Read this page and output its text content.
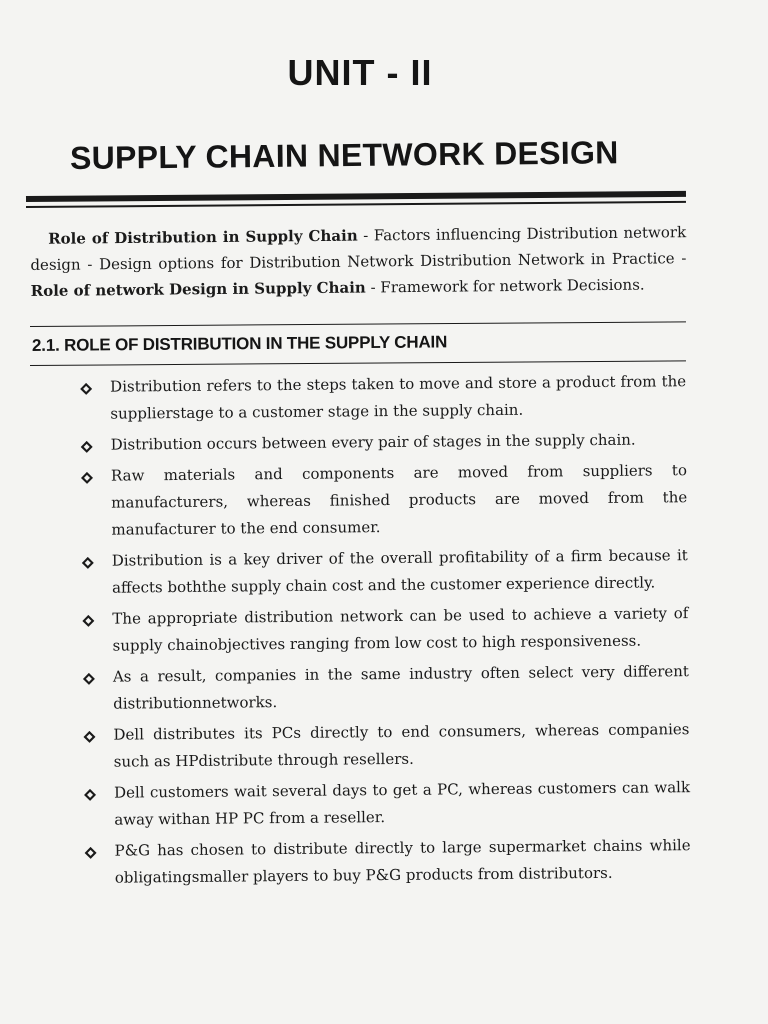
UNIT - II
SUPPLY CHAIN NETWORK DESIGN
Role of Distribution in Supply Chain - Factors influencing Distribution network design - Design options for Distribution Network Distribution Network in Practice - Role of network Design in Supply Chain - Framework for network Decisions.
2.1. ROLE OF DISTRIBUTION IN THE SUPPLY CHAIN
Distribution refers to the steps taken to move and store a product from the supplierstage to a customer stage in the supply chain.
Distribution occurs between every pair of stages in the supply chain.
Raw materials and components are moved from suppliers to manufacturers, whereas finished products are moved from the manufacturer to the end consumer.
Distribution is a key driver of the overall profitability of a firm because it affects boththe supply chain cost and the customer experience directly.
The appropriate distribution network can be used to achieve a variety of supply chainobjectives ranging from low cost to high responsiveness.
As a result, companies in the same industry often select very different distributionnetworks.
Dell distributes its PCs directly to end consumers, whereas companies such as HPdistribute through resellers.
Dell customers wait several days to get a PC, whereas customers can walk away withan HP PC from a reseller.
P&G has chosen to distribute directly to large supermarket chains while obligatingsmaller players to buy P&G products from distributors.
